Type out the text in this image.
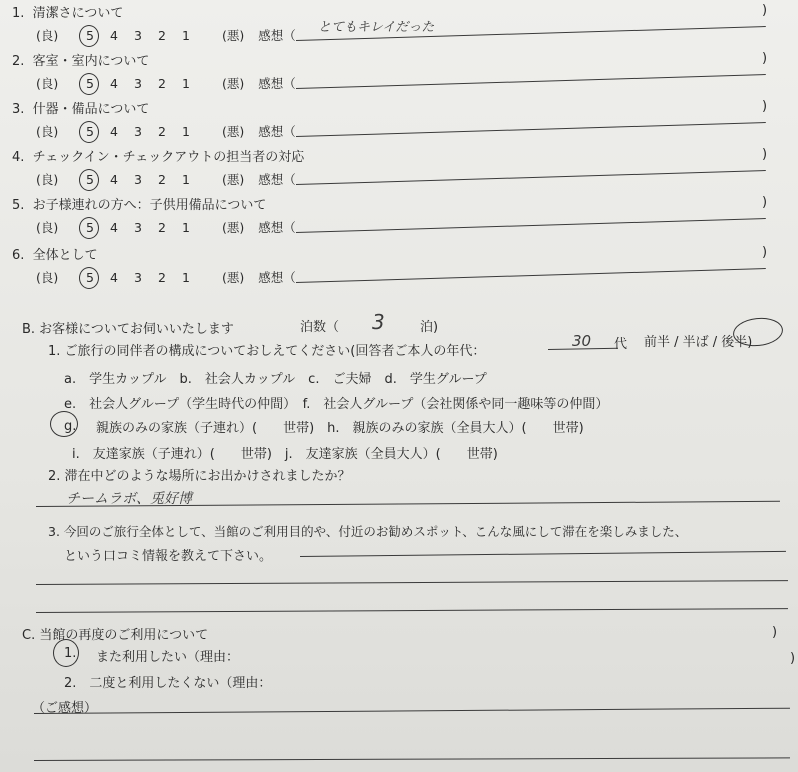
1. 清潔さについて
(良) 5 4 3 2 1	(悪) 感想（
とてもキレイだった
)
2. 客室・室内について
(良) 5 4 3 2 1	(悪) 感想（
)
3. 什器・備品について
(良) 5 4 3 2 1	(悪) 感想（
)
4. チェックイン・チェックアウトの担当者の対応
(良) 5 4 3 2 1	(悪) 感想（
)
5. お子様連れの方へ：子供用備品について
(良) 5 4 3 2 1	(悪) 感想（
)
6. 全体として
(良) 5 4 3 2 1	(悪) 感想（
)
B. お客様についてお伺いいたします	泊数（ 3	泊)
1. ご旅行の同伴者の構成についておしえてください(回答者ご本人の年代：
30 代 前半 / 半ば / 後半)
a.　学生カップル　b.　社会人カップル　c.　ご夫婦　d.　学生グループ
e.　社会人グループ（学生時代の仲間）　f.　社会人グループ（会社関係や同一趣味等の仲間）
g. 親族のみの家族（子連れ）(　　世帯)　h.　親族のみの家族（全員大人）(　　世帯)
i.　友達家族（子連れ）(　　世帯)　j.　友達家族（全員大人）(　　世帯)
2. 滞在中どのような場所にお出かけされましたか？
チームラボ、兎好博
3. 今回のご旅行全体として、当館のご利用目的や、付近のお勧めスポット、こんな風にして滞在を楽しみました、
という口コミ情報を教えて下さい。
C. 当館の再度のご利用について	)
1. また利用したい（理由：	)
2.　二度と利用したくない（理由：
（ご感想）
